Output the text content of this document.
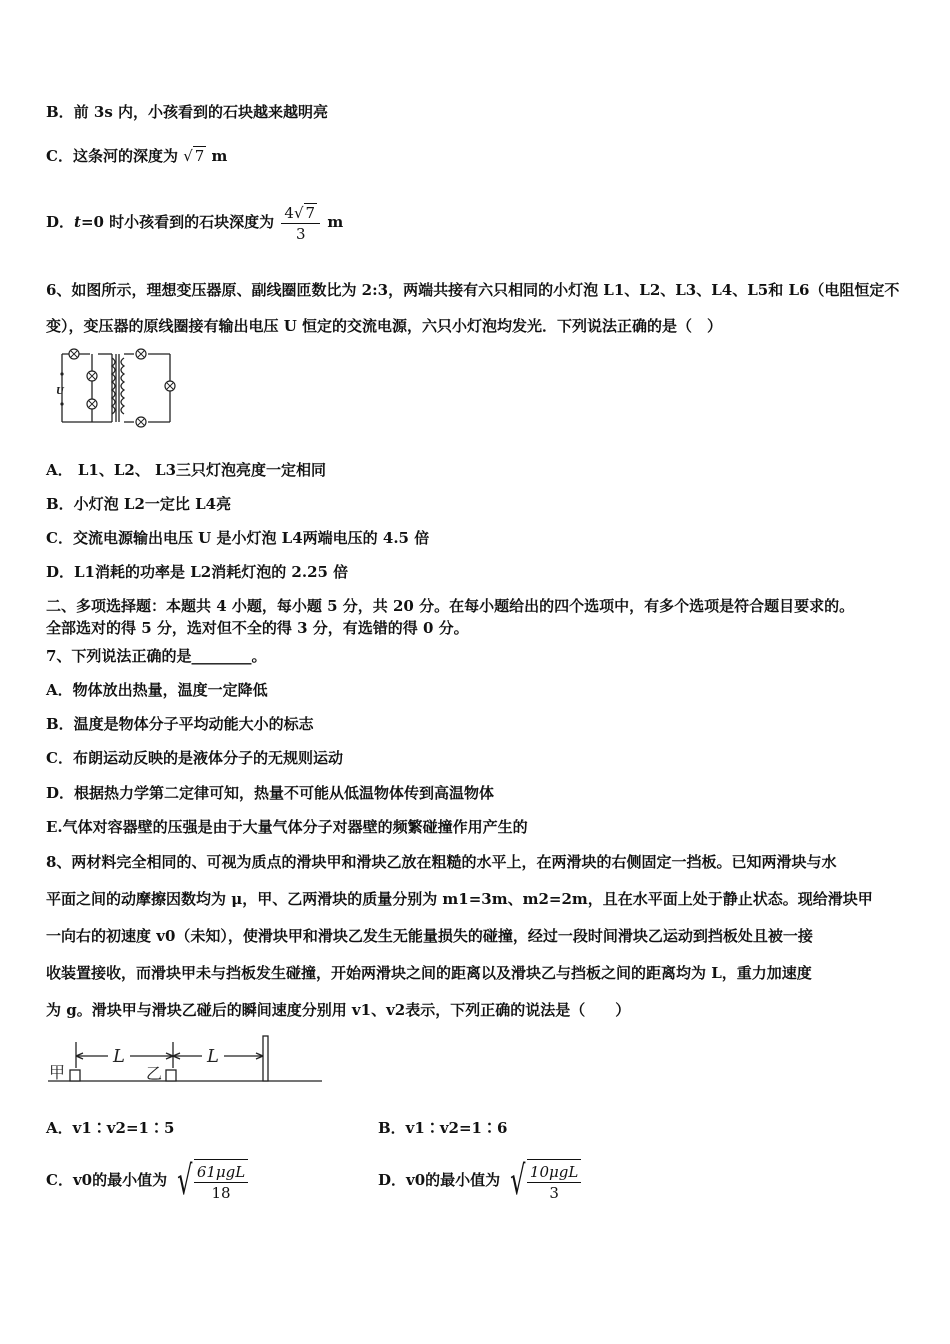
B．前 3s 内，小孩看到的石块越来越明亮
C．这条河的深度为 √ 7 m
D．t=0 时小孩看到的石块深度为 $\frac{4√ 7}{3}$ m
6、如图所示，理想变压器原、副线圈匝数比为 2:3，两端共接有六只相同的小灯泡 L1、L2、L3、L4、L5和 L6（电阻恒定不
变），变压器的原线圈接有输出电压 U 恒定的交流电源，六只小灯泡均发光．下列说法正确的是（　）
U
A． L1、L2、 L3三只灯泡亮度一定相同
B．小灯泡 L2一定比 L4亮
C．交流电源输出电压 U 是小灯泡 L4两端电压的 4.5 倍
D．L1消耗的功率是 L2消耗灯泡的 2.25 倍
二、多项选择题：本题共 4 小题，每小题 5 分，共 20 分。在每小题给出的四个选项中，有多个选项是符合题目要求的。
全部选对的得 5 分，选对但不全的得 3 分，有选错的得 0 分。
7、下列说法正确的是________。
A．物体放出热量，温度一定降低
B．温度是物体分子平均动能大小的标志
C．布朗运动反映的是液体分子的无规则运动
D．根据热力学第二定律可知，热量不可能从低温物体传到高温物体
E.气体对容器壁的压强是由于大量气体分子对器壁的频繁碰撞作用产生的
8、两材料完全相同的、可视为质点的滑块甲和滑块乙放在粗糙的水平上，在两滑块的右侧固定一挡板。已知两滑块与水
平面之间的动摩擦因数均为 μ，甲、乙两滑块的质量分别为 m1=3m、m2=2m，且在水平面上处于静止状态。现给滑块甲
一向右的初速度 v0（未知），使滑块甲和滑块乙发生无能量损失的碰撞，经过一段时间滑块乙运动到挡板处且被一接
收装置接收，而滑块甲未与挡板发生碰撞，开始两滑块之间的距离以及滑块乙与挡板之间的距离均为 L，重力加速度
为 g。滑块甲与滑块乙碰后的瞬间速度分别用 v1、v2表示，下列正确的说法是（　　）
甲	乙
L	L
A．v1∶v2=1∶5	B．v1∶v2=1∶6
C．v0的最小值为 √ $\frac{\text{61μgL}}{18}$	D．v0的最小值为 √ $\frac{\text{10μgL}}{3}$
